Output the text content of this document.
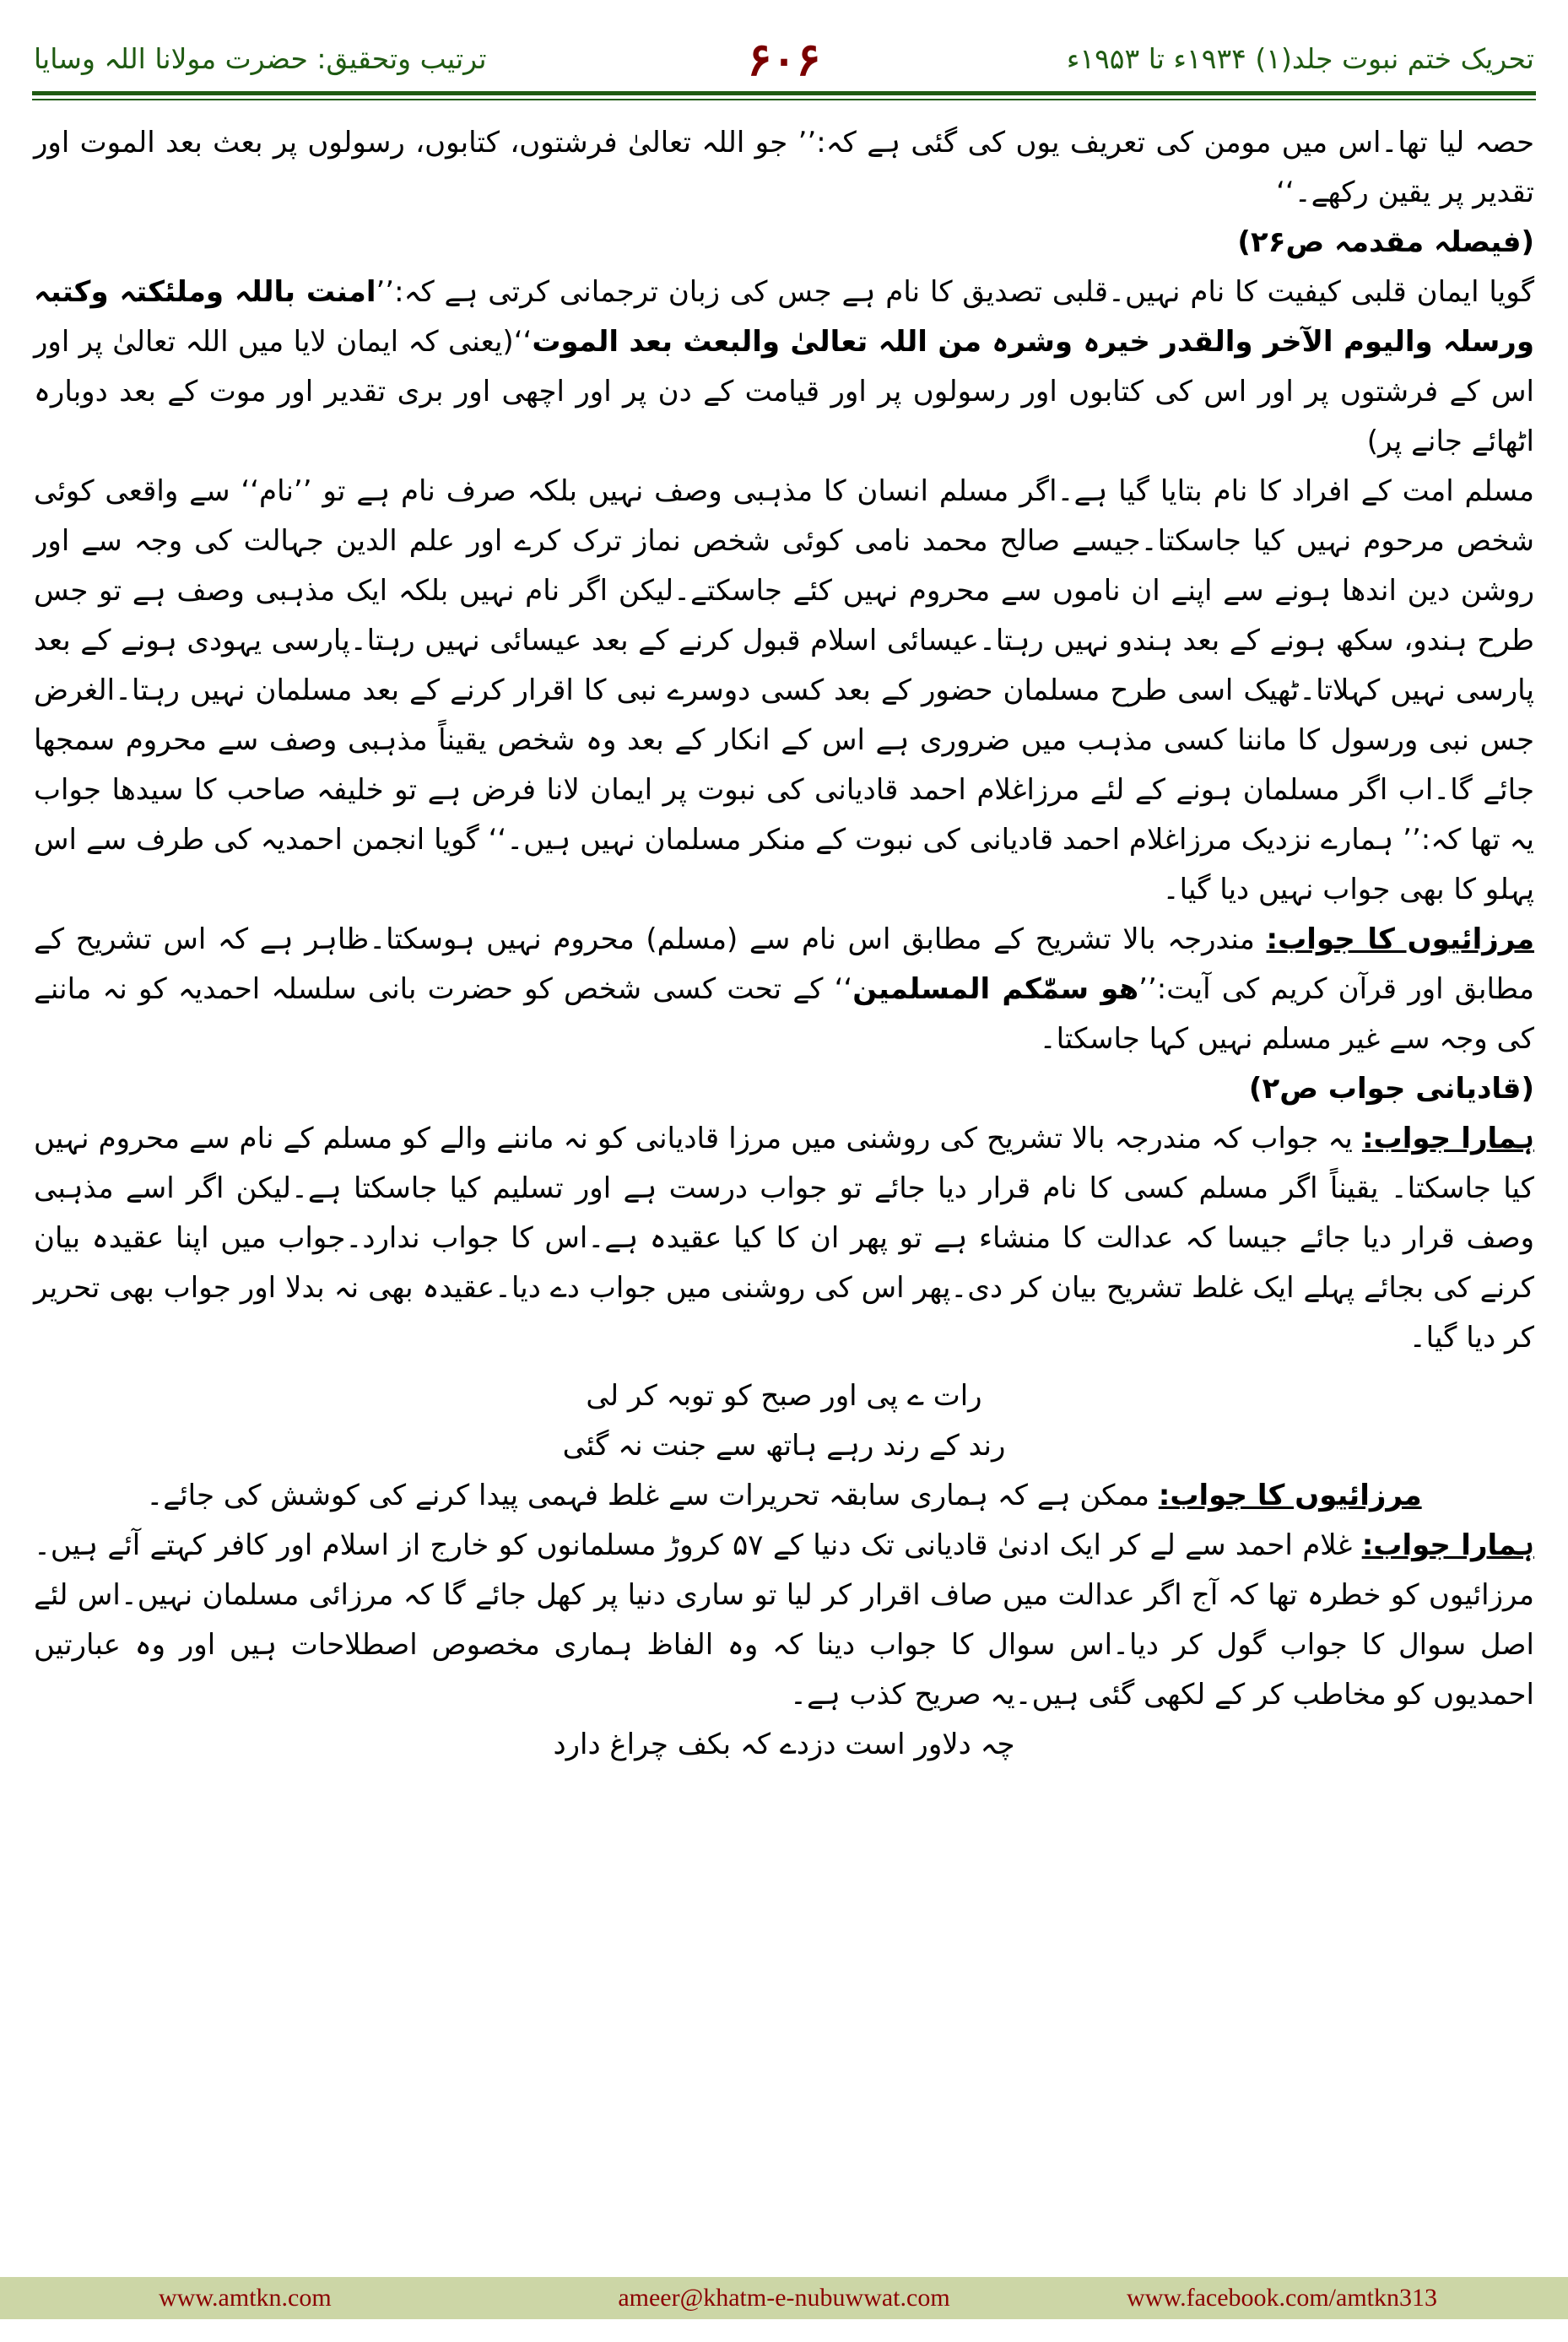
ترتیب وتحقیق: حضرت مولانا اللہ وسایا	۶۰۶	تحریک ختم نبوت جلد(۱) ۱۹۳۴ء تا ۱۹۵۳ء

حصہ لیا تھا۔اس میں مومن کی تعریف یوں کی گئی ہے کہ:’’ جو اللہ تعالیٰ فرشتوں، کتابوں، رسولوں پر بعث بعد الموت اور تقدیر پر یقین رکھے۔‘‘
(فیصلہ مقدمہ ص۲۶)

گویا ایمان قلبی کیفیت کا نام نہیں۔قلبی تصدیق کا نام ہے جس کی زبان ترجمانی کرتی ہے کہ:’’امنت باللہ وملئکتہ وکتبہ ورسلہ والیوم الآخر والقدر خیرہ وشرہ من اللہ تعالیٰ والبعث بعد الموت‘‘(یعنی کہ ایمان لایا میں اللہ تعالیٰ پر اور اس کے فرشتوں پر اور اس کی کتابوں اور رسولوں پر اور قیامت کے دن پر اور اچھی اور بری تقدیر اور موت کے بعد دوبارہ اٹھائے جانے پر)

مسلم امت کے افراد کا نام بتایا گیا ہے۔اگر مسلم انسان کا مذہبی وصف نہیں بلکہ صرف نام ہے تو ’’نام‘‘ سے واقعی کوئی شخص مرحوم نہیں کیا جاسکتا۔جیسے صالح محمد نامی کوئی شخص نماز ترک کرے اور علم الدین جہالت کی وجہ سے اور روشن دین اندھا ہونے سے اپنے ان ناموں سے محروم نہیں کئے جاسکتے۔لیکن اگر نام نہیں بلکہ ایک مذہبی وصف ہے تو جس طرح ہندو، سکھ ہونے کے بعد ہندو نہیں رہتا۔عیسائی اسلام قبول کرنے کے بعد عیسائی نہیں رہتا۔پارسی یہودی ہونے کے بعد پارسی نہیں کہلاتا۔ٹھیک اسی طرح مسلمان حضور کے بعد کسی دوسرے نبی کا اقرار کرنے کے بعد مسلمان نہیں رہتا۔الغرض جس نبی ورسول کا ماننا کسی مذہب میں ضروری ہے اس کے انکار کے بعد وہ شخص یقیناً مذہبی وصف سے محروم سمجھا جائے گا۔اب اگر مسلمان ہونے کے لئے مرزاغلام احمد قادیانی کی نبوت پر ایمان لانا فرض ہے تو خلیفہ صاحب کا سیدھا جواب یہ تھا کہ:’’ ہمارے نزدیک مرزاغلام احمد قادیانی کی نبوت کے منکر مسلمان نہیں ہیں۔‘‘ گویا انجمن احمدیہ کی طرف سے اس پہلو کا بھی جواب نہیں دیا گیا۔

مرزائیوں کا جواب: مندرجہ بالا تشریح کے مطابق اس نام سے (مسلم) محروم نہیں ہوسکتا۔ظاہر ہے کہ اس تشریح کے مطابق اور قرآن کریم کی آیت:’’ھو سمّٰکم المسلمین‘‘ کے تحت کسی شخص کو حضرت بانی سلسلہ احمدیہ کو نہ ماننے کی وجہ سے غیر مسلم نہیں کہا جاسکتا۔
(قادیانی جواب ص۲)

ہمارا جواب: یہ جواب کہ مندرجہ بالا تشریح کی روشنی میں مرزا قادیانی کو نہ ماننے والے کو مسلم کے نام سے محروم نہیں کیا جاسکتا۔ یقیناً اگر مسلم کسی کا نام قرار دیا جائے تو جواب درست ہے اور تسلیم کیا جاسکتا ہے۔لیکن اگر اسے مذہبی وصف قرار دیا جائے جیسا کہ عدالت کا منشاء ہے تو پھر ان کا کیا عقیدہ ہے۔اس کا جواب ندارد۔جواب میں اپنا عقیدہ بیان کرنے کی بجائے پہلے ایک غلط تشریح بیان کر دی۔پھر اس کی روشنی میں جواب دے دیا۔عقیدہ بھی نہ بدلا اور جواب بھی تحریر کر دیا گیا۔

رات ے پی اور صبح کو توبہ کر لی

رند کے رند رہے ہاتھ سے جنت نہ گئی

مرزائیوں کا جواب: ممکن ہے کہ ہماری سابقہ تحریرات سے غلط فہمی پیدا کرنے کی کوشش کی جائے۔

ہمارا جواب: غلام احمد سے لے کر ایک ادنیٰ قادیانی تک دنیا کے ۵۷ کروڑ مسلمانوں کو خارج از اسلام اور کافر کہتے آئے ہیں۔ مرزائیوں کو خطرہ تھا کہ آج اگر عدالت میں صاف اقرار کر لیا تو ساری دنیا پر کھل جائے گا کہ مرزائی مسلمان نہیں۔اس لئے اصل سوال کا جواب گول کر دیا۔اس سوال کا جواب دینا کہ وہ الفاظ ہماری مخصوص اصطلاحات ہیں اور وہ عبارتیں احمدیوں کو مخاطب کر کے لکھی گئی ہیں۔یہ صریح کذب ہے۔

چہ دلاور است دزدے کہ بکف چراغ دارد

www.amtkn.com	ameer@khatm-e-nubuwwat.com	www.facebook.com/amtkn313
